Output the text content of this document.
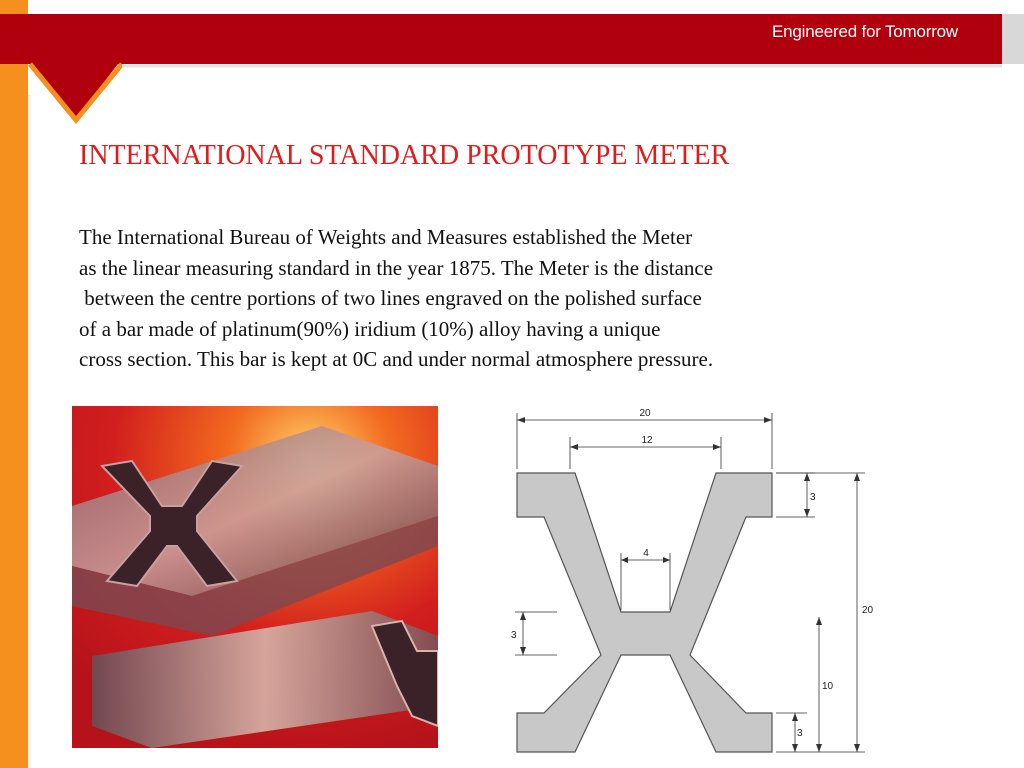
Engineered for Tomorrow
INTERNATIONAL STANDARD PROTOTYPE METER
The International Bureau of Weights and Measures established the Meter
as the linear measuring standard in the year 1875. The Meter is the distance
between the centre portions of two lines engraved on the polished surface
of a bar made of platinum(90%) iridium (10%) alloy having a unique
cross section. This bar is kept at 0C and under normal atmosphere pressure.
20
12
4
3
3
20
10
3
